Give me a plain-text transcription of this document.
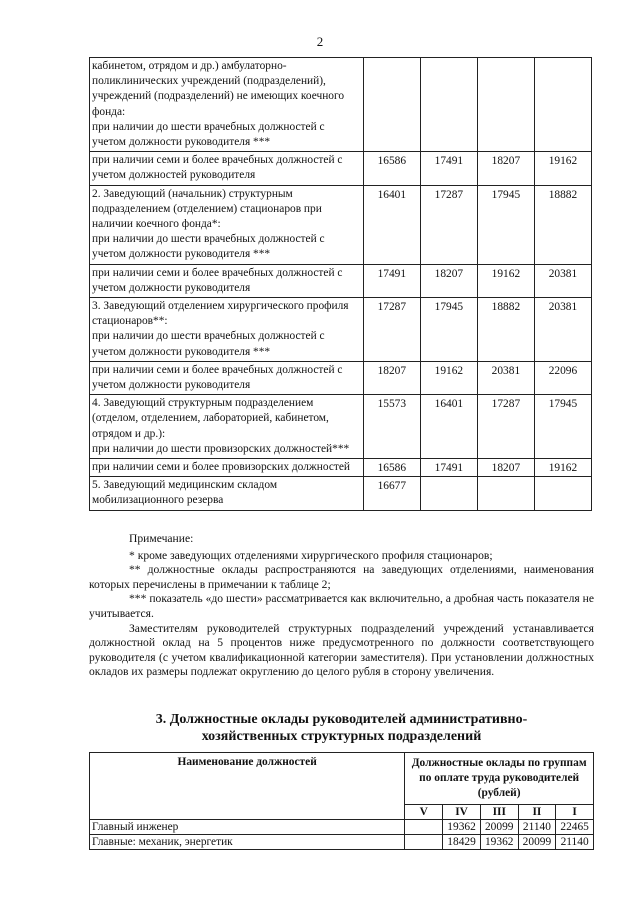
2
кабинетом, отрядом и др.) амбулаторно-поликлинических учреждений (подразделений), учреждений (подразделений) не имеющих коечного фонда:
при наличии до шести врачебных должностей с учетом должности руководителя ***				
при наличии семи и более врачебных должностей с учетом должностей руководителя	16586	17491	18207	19162
2. Заведующий (начальник) структурным подразделением (отделением) стационаров при наличии коечного фонда*:
при наличии до шести врачебных должностей с учетом должности руководителя ***	16401	17287	17945	18882
при наличии семи и более врачебных должностей с учетом должности руководителя	17491	18207	19162	20381
3. Заведующий отделением хирургического профиля стационаров**:
при наличии до шести врачебных должностей с учетом должности руководителя ***	17287	17945	18882	20381
при наличии семи и более врачебных должностей с учетом должности руководителя	18207	19162	20381	22096
4. Заведующий структурным подразделением (отделом, отделением, лабораторией, кабинетом, отрядом и др.):
при наличии до шести провизорских должностей***	15573	16401	17287	17945
при наличии семи и более провизорских должностей	16586	17491	18207	19162
5. Заведующий медицинским складом мобилизационного резерва	16677			

Примечание:

* кроме заведующих отделениями хирургического профиля стационаров;

** должностные оклады распространяются на заведующих отделениями, наименования которых перечислены в примечании к таблице 2;

*** показатель «до шести» рассматривается как включительно, а дробная часть показателя не учитывается.

Заместителям руководителей структурных подразделений учреждений устанавливается должностной оклад на 5 процентов ниже предусмотренного по должности соответствующего руководителя (с учетом квалификационной категории заместителя). При установлении должностных окладов их размеры подлежат округлению до целого рубля в сторону увеличения.

3. Должностные оклады руководителей административно-
хозяйственных структурных подразделений
Наименование должностей	Должностные оклады по группам по оплате труда руководителей (рублей)				
	V	IV	III	II	I
Главный инженер		19362	20099	21140	22465
Главные: механик, энергетик		18429	19362	20099	21140
